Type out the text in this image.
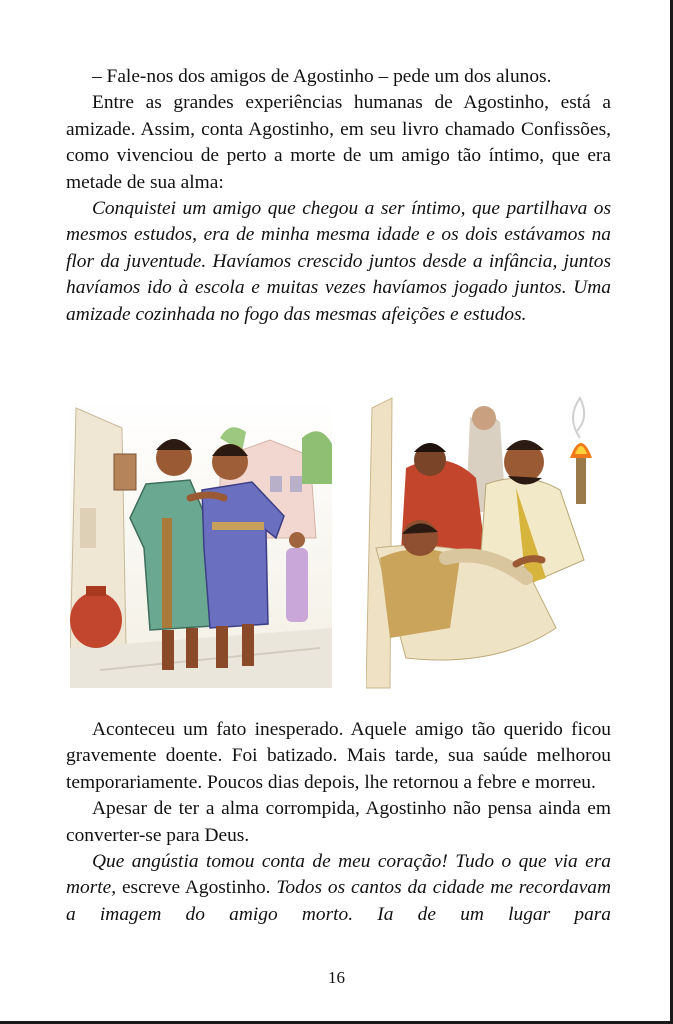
– Fale-nos dos amigos de Agostinho – pede um dos alunos.

Entre as grandes experiências humanas de Agostinho, está a amizade. Assim, conta Agostinho, em seu livro chamado Confissões, como vivenciou de perto a morte de um amigo tão íntimo, que era metade de sua alma:

Conquistei um amigo que chegou a ser íntimo, que partilhava os mesmos estudos, era de minha mesma idade e os dois estávamos na flor da juventude. Havíamos crescido juntos desde a infância, juntos havíamos ido à escola e muitas vezes havíamos jogado juntos. Uma amizade cozinhada no fogo das mesmas afeições e estudos.

Aconteceu um fato inesperado. Aquele amigo tão querido ficou gravemente doente. Foi batizado. Mais tarde, sua saúde melhorou temporariamente. Poucos dias depois, lhe retornou a febre e morreu.

Apesar de ter a alma corrompida, Agostinho não pensa ainda em converter-se para Deus.

Que angústia tomou conta de meu coração! Tudo o que via era morte, escreve Agostinho. Todos os cantos da cidade me recordavam a imagem do amigo morto. Ia de um lugar para

16
